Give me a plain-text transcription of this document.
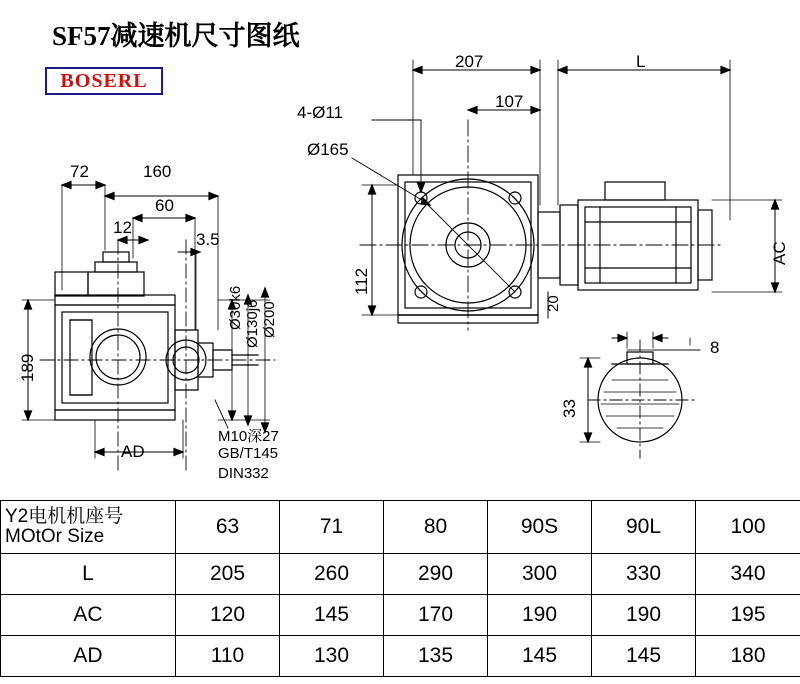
SF57减速机尺寸图纸
BOSERL
207	L
4-Ø11
107
Ø165
112
20
AC
8
33
72	160
60
12
3.5
189
AD
Ø30k6 Ø130j6 Ø200
M10深27
GB/T145
DIN332
Y2电机机座号
MOtOr Size	63	71	80	90S	90L	100
L	205	260	290	300	330	340
AC	120	145	170	190	190	195
AD	110	130	135	145	145	180
